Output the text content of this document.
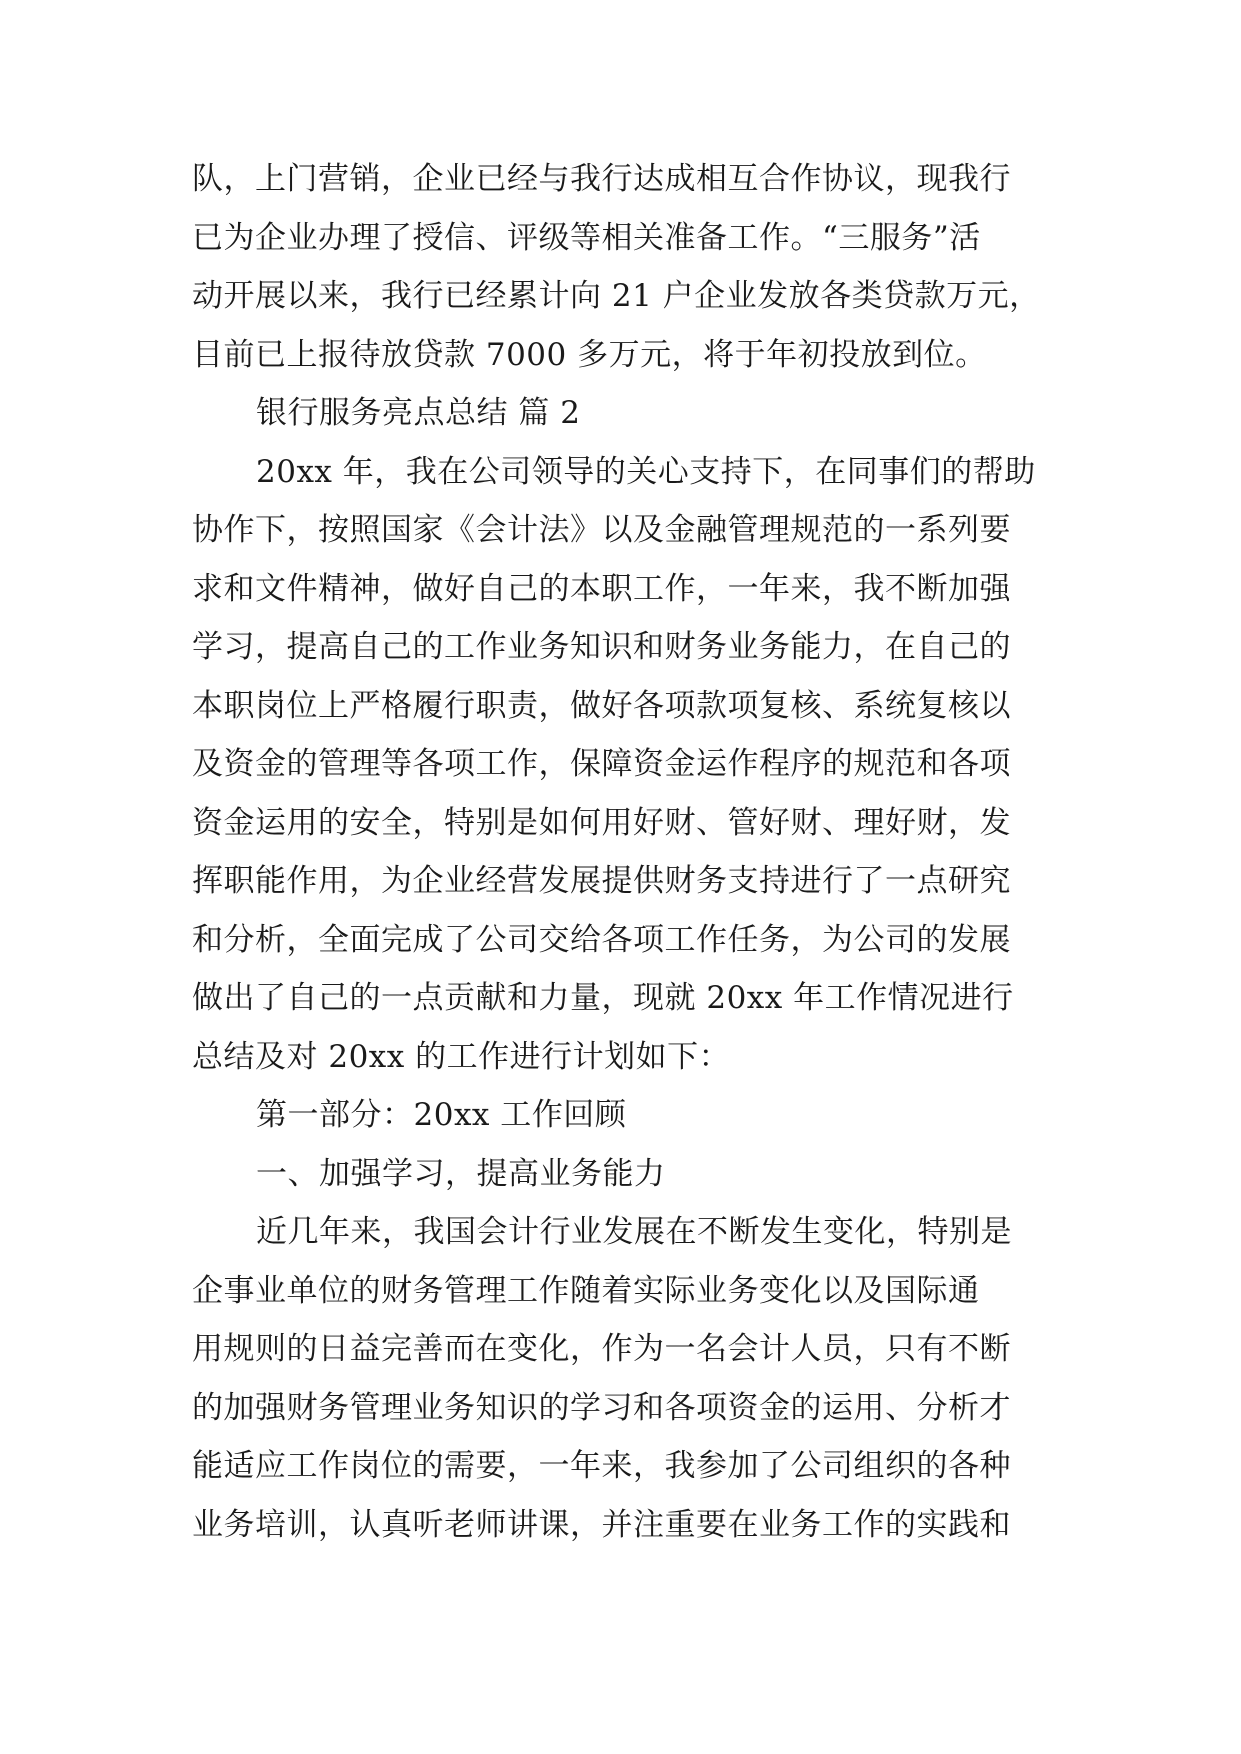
队，上门营销，企业已经与我行达成相互合作协议，现我行
已为企业办理了授信、评级等相关准备工作。“三服务”活
动开展以来，我行已经累计向 21 户企业发放各类贷款万元，
目前已上报待放贷款 7000 多万元，将于年初投放到位。
银行服务亮点总结 篇 2
20xx 年，我在公司领导的关心支持下，在同事们的帮助
协作下，按照国家《会计法》以及金融管理规范的一系列要
求和文件精神，做好自己的本职工作，一年来，我不断加强
学习，提高自己的工作业务知识和财务业务能力，在自己的
本职岗位上严格履行职责，做好各项款项复核、系统复核以
及资金的管理等各项工作，保障资金运作程序的规范和各项
资金运用的安全，特别是如何用好财、管好财、理好财，发
挥职能作用，为企业经营发展提供财务支持进行了一点研究
和分析，全面完成了公司交给各项工作任务，为公司的发展
做出了自己的一点贡献和力量，现就 20xx 年工作情况进行
总结及对 20xx 的工作进行计划如下：
第一部分：20xx 工作回顾
一、加强学习，提高业务能力
近几年来，我国会计行业发展在不断发生变化，特别是
企事业单位的财务管理工作随着实际业务变化以及国际通
用规则的日益完善而在变化，作为一名会计人员，只有不断
的加强财务管理业务知识的学习和各项资金的运用、分析才
能适应工作岗位的需要，一年来，我参加了公司组织的各种
业务培训，认真听老师讲课，并注重要在业务工作的实践和
